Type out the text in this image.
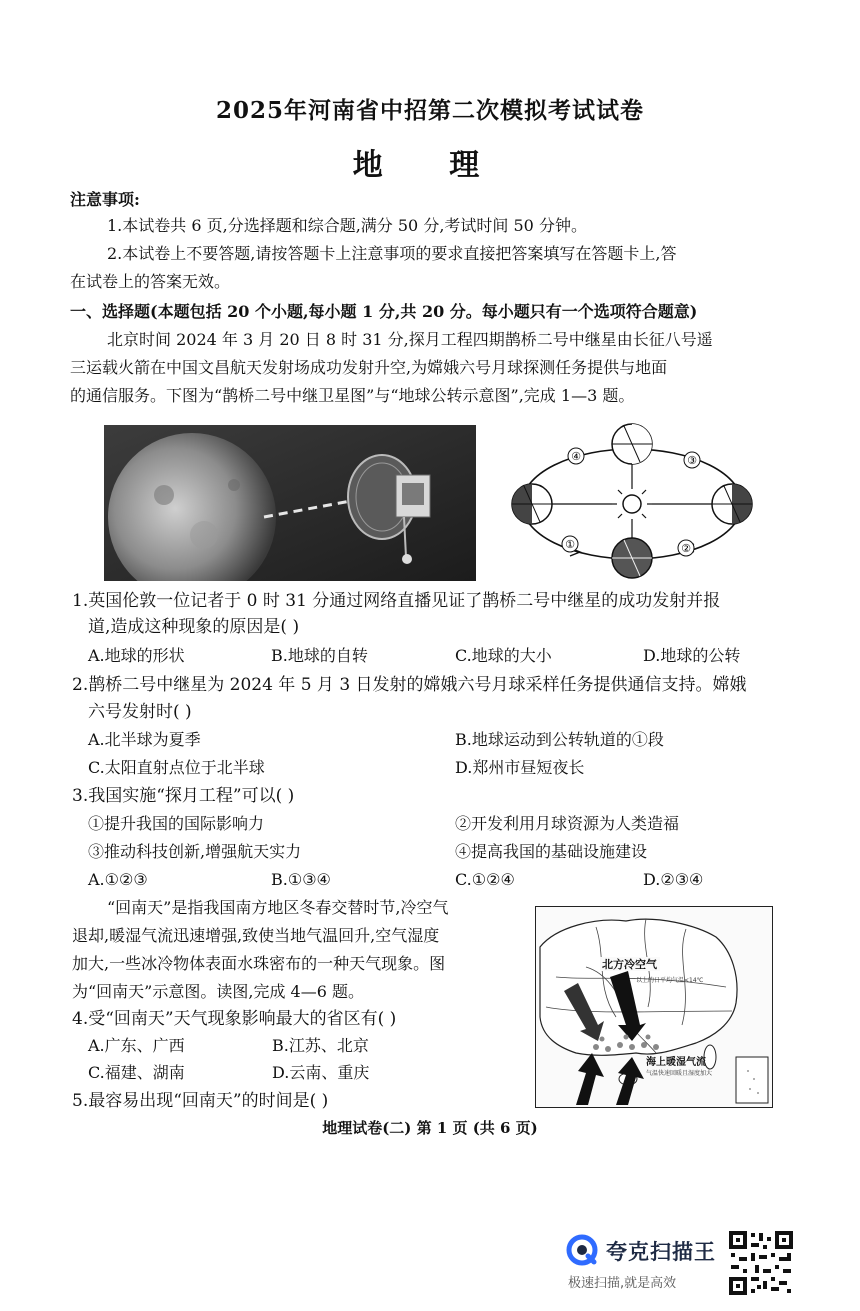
2025年河南省中招第二次模拟考试试卷
地 理
注意事项:
1.本试卷共 6 页,分选择题和综合题,满分 50 分,考试时间 50 分钟。
2.本试卷上不要答题,请按答题卡上注意事项的要求直接把答案填写在答题卡上,答
在试卷上的答案无效。
一、选择题(本题包括 20 个小题,每小题 1 分,共 20 分。每小题只有一个选项符合题意)
北京时间 2024 年 3 月 20 日 8 时 31 分,探月工程四期鹊桥二号中继星由长征八号遥
三运载火箭在中国文昌航天发射场成功发射升空,为嫦娥六号月球探测任务提供与地面
的通信服务。下图为“鹊桥二号中继卫星图”与“地球公转示意图”,完成 1—3 题。
④	③
①	②
1.英国伦敦一位记者于 0 时 31 分通过网络直播见证了鹊桥二号中继星的成功发射并报
道,造成这种现象的原因是( )
A.地球的形状	B.地球的自转	C.地球的大小	D.地球的公转
2.鹊桥二号中继星为 2024 年 5 月 3 日发射的嫦娥六号月球采样任务提供通信支持。嫦娥
六号发射时( )
A.北半球为夏季	B.地球运动到公转轨道的①段
C.太阳直射点位于北半球	D.郑州市昼短夜长
3.我国实施“探月工程”可以( )
①提升我国的国际影响力	②开发利用月球资源为人类造福
③推动科技创新,增强航天实力	④提高我国的基础设施建设
A.①②③	B.①③④	C.①②④	D.②③④
“回南天”是指我国南方地区冬春交替时节,冷空气
退却,暖湿气流迅速增强,致使当地气温回升,空气湿度
加大,一些冰冷物体表面水珠密布的一种天气现象。图
为“回南天”示意图。读图,完成 4—6 题。
北方冷空气
以上的日平均气温<14℃
海上暖湿气流
气温快速回暖且湿度加大
4.受“回南天”天气现象影响最大的省区有( )
A.广东、广西	B.江苏、北京
C.福建、湖南	D.云南、重庆
5.最容易出现“回南天”的时间是( )
地理试卷(二) 第 1 页 (共 6 页)
夸克扫描王
极速扫描,就是高效
